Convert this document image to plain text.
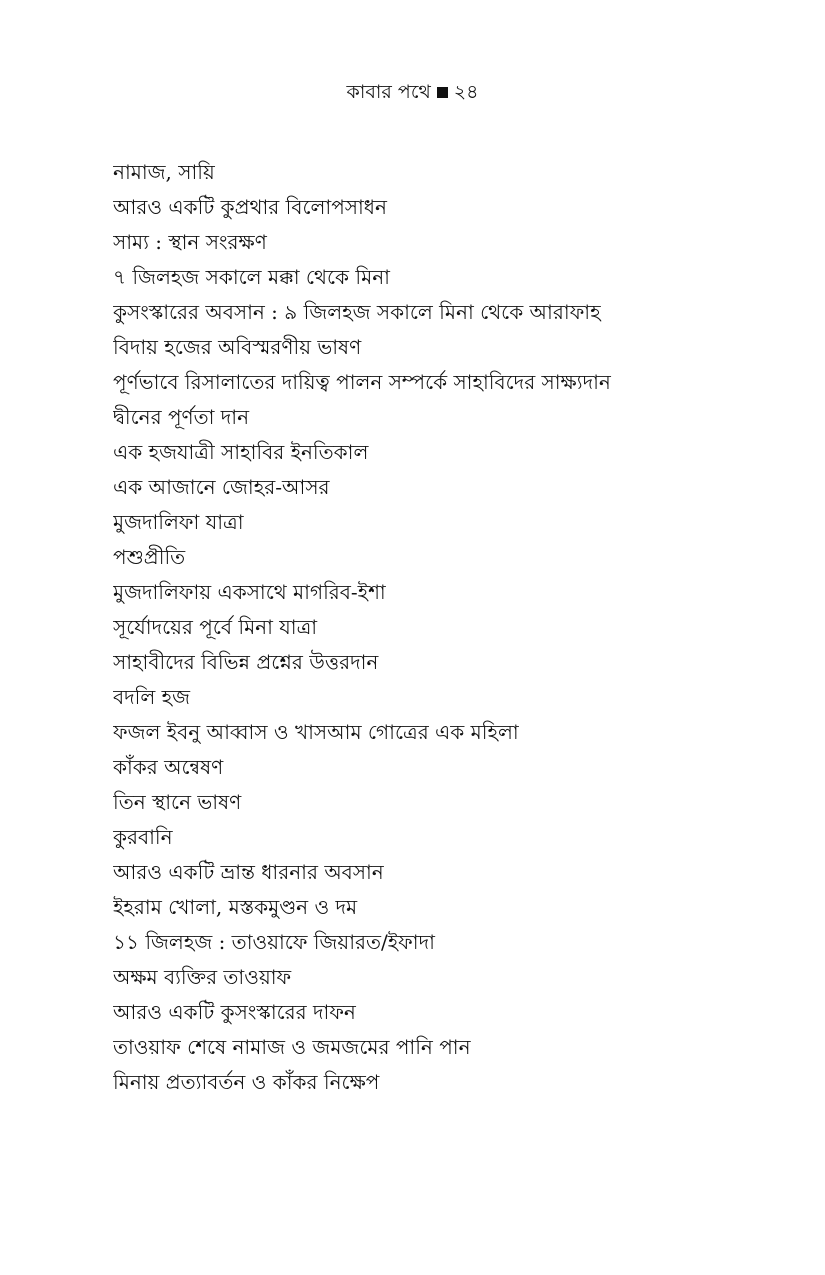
কাবার পথে ২৪
নামাজ, সায়ি
আরও একটি কুপ্রথার বিলোপসাধন
সাম্য : স্থান সংরক্ষণ
৭ জিলহজ সকালে মক্কা থেকে মিনা
কুসংস্কারের অবসান : ৯ জিলহজ সকালে মিনা থেকে আরাফাহ
বিদায় হজের অবিস্মরণীয় ভাষণ
পূর্ণভাবে রিসালাতের দায়িত্ব পালন সম্পর্কে সাহাবিদের সাক্ষ্যদান
দ্বীনের পূর্ণতা দান
এক হজযাত্রী সাহাবির ইনতিকাল
এক আজানে জোহর-আসর
মুজদালিফা যাত্রা
পশুপ্রীতি
মুজদালিফায় একসাথে মাগরিব-ইশা
সূর্যোদয়ের পূর্বে মিনা যাত্রা
সাহাবীদের বিভিন্ন প্রশ্নের উত্তরদান
বদলি হজ
ফজল ইবনু আব্বাস ও খাসআম গোত্রের এক মহিলা
কাঁকর অন্বেষণ
তিন স্থানে ভাষণ
কুরবানি
আরও একটি ভ্রান্ত ধারনার অবসান
ইহরাম খোলা, মস্তকমুণ্ডন ও দম
১১ জিলহজ : তাওয়াফে জিয়ারত/ইফাদা
অক্ষম ব্যক্তির তাওয়াফ
আরও একটি কুসংস্কারের দাফন
তাওয়াফ শেষে নামাজ ও জমজমের পানি পান
মিনায় প্রত্যাবর্তন ও কাঁকর নিক্ষেপ
